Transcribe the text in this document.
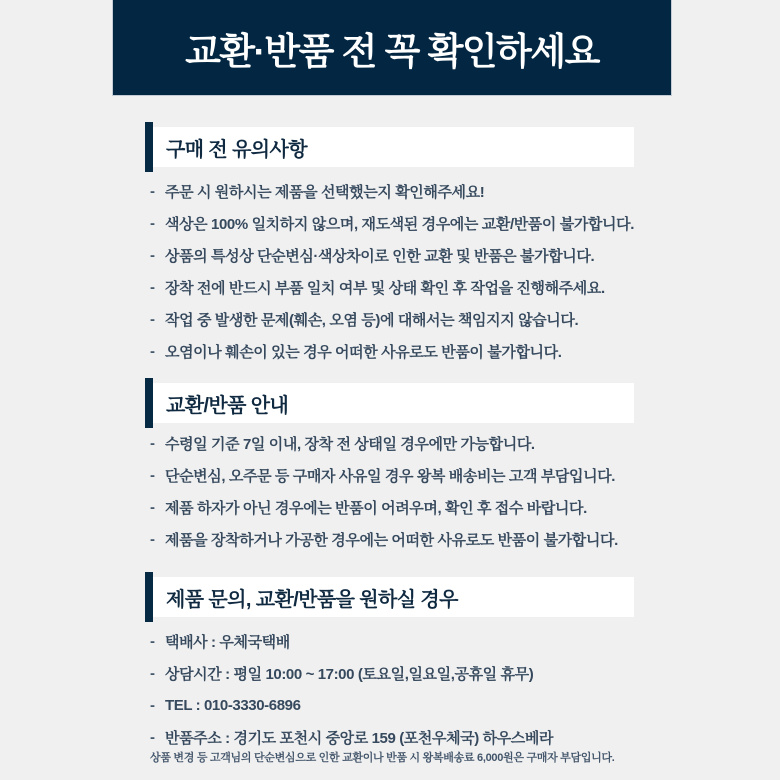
교환·반품 전 꼭 확인하세요
구매 전 유의사항
- 주문 시 원하시는 제품을 선택했는지 확인해주세요!
- 색상은 100% 일치하지 않으며, 재도색된 경우에는 교환/반품이 불가합니다.
- 상품의 특성상 단순변심·색상차이로 인한 교환 및 반품은 불가합니다.
- 장착 전에 반드시 부품 일치 여부 및 상태 확인 후 작업을 진행해주세요.
- 작업 중 발생한 문제(훼손, 오염 등)에 대해서는 책임지지 않습니다.
- 오염이나 훼손이 있는 경우 어떠한 사유로도 반품이 불가합니다.
교환/반품 안내
- 수령일 기준 7일 이내, 장착 전 상태일 경우에만 가능합니다.
- 단순변심, 오주문 등 구매자 사유일 경우 왕복 배송비는 고객 부담입니다.
- 제품 하자가 아닌 경우에는 반품이 어려우며, 확인 후 접수 바랍니다.
- 제품을 장착하거나 가공한 경우에는 어떠한 사유로도 반품이 불가합니다.
제품 문의, 교환/반품을 원하실 경우
- 택배사 : 우체국택배
- 상담시간 : 평일 10:00 ~ 17:00 (토요일,일요일,공휴일 휴무)
- TEL : 010-3330-6896
- 반품주소 : 경기도 포천시 중앙로 159 (포천우체국) 하우스베라
상품 변경 등 고객님의 단순변심으로 인한 교환이나 반품 시 왕복배송료 6,000원은 구매자 부담입니다.
